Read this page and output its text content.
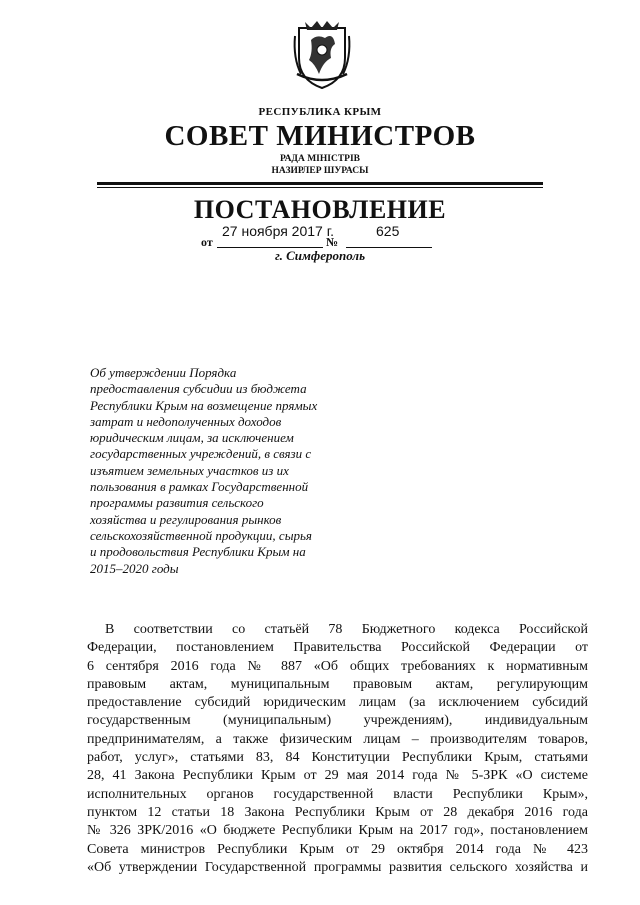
РЕСПУБЛИКА КРЫМ
СОВЕТ МИНИСТРОВ
РАДА МІНІСТРІВ
НАЗИРЛЕР ШУРАСЫ
ПОСТАНОВЛЕНИЕ
27 ноября 2017 г.	625
от	№
г. Симферополь
Об утверждении Порядка
предоставления субсидии из бюджета
Республики Крым на возмещение прямых
затрат и недополученных доходов
юридическим лицам, за исключением
государственных учреждений, в связи с
изъятием земельных участков из их
пользования в рамках Государственной
программы развития сельского
хозяйства и регулирования рынков
сельскохозяйственной продукции, сырья
и продовольствия Республики Крым на
2015–2020 годы
В соответствии со статьёй 78 Бюджетного кодекса Российской
Федерации, постановлением Правительства Российской Федерации от
6 сентября 2016 года № 887 «Об общих требованиях к нормативным
правовым актам, муниципальным правовым актам, регулирующим
предоставление субсидий юридическим лицам (за исключением субсидий
государственным (муниципальным) учреждениям), индивидуальным
предпринимателям, а также физическим лицам – производителям товаров,
работ, услуг», статьями 83, 84 Конституции Республики Крым, статьями
28, 41 Закона Республики Крым от 29 мая 2014 года № 5-ЗРК «О системе
исполнительных органов государственной власти Республики Крым»,
пунктом 12 статьи 18 Закона Республики Крым от 28 декабря 2016 года
№ 326 ЗРК/2016 «О бюджете Республики Крым на 2017 год», постановлением
Совета министров Республики Крым от 29 октября 2014 года № 423
«Об утверждении Государственной программы развития сельского хозяйства и
